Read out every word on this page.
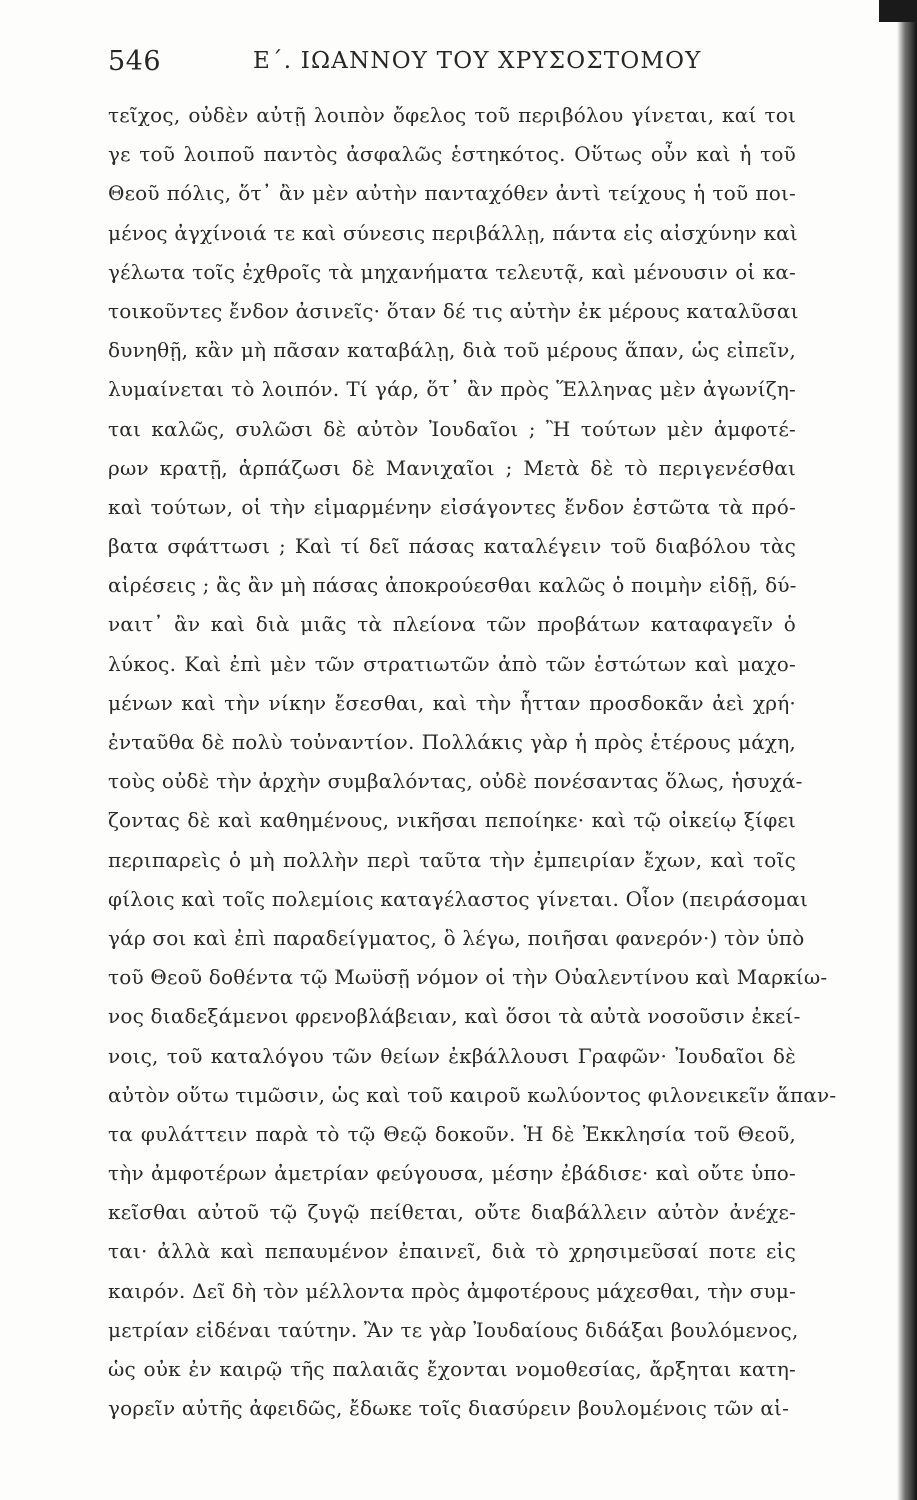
546	Ε΄. ΙΩΑΝΝΟΥ ΤΟΥ ΧΡΥΣΟΣΤΟΜΟΥ
τεῖχος, οὐδὲν αὐτῇ λοιπὸν ὄφελος τοῦ περιβόλου γίνεται, καί τοι
γε τοῦ λοιποῦ παντὸς ἀσφαλῶς ἑστηκότος. Οὕτως οὖν καὶ ἡ τοῦ
Θεοῦ πόλις, ὅτ᾽ ἂν μὲν αὐτὴν πανταχόθεν ἀντὶ τείχους ἡ τοῦ ποι-
μένος ἀγχίνοιά τε καὶ σύνεσις περιβάλλῃ, πάντα εἰς αἰσχύνην καὶ
γέλωτα τοῖς ἐχθροῖς τὰ μηχανήματα τελευτᾷ, καὶ μένουσιν οἱ κα-
τοικοῦντες ἔνδον ἀσινεῖς· ὅταν δέ τις αὐτὴν ἐκ μέρους καταλῦσαι
δυνηθῇ, κἂν μὴ πᾶσαν καταβάλῃ, διὰ τοῦ μέρους ἅπαν, ὡς εἰπεῖν,
λυμαίνεται τὸ λοιπόν. Τί γάρ, ὅτ᾽ ἂν πρὸς Ἕλληνας μὲν ἀγωνίζη-
ται καλῶς, συλῶσι δὲ αὐτὸν Ἰουδαῖοι ; Ἢ τούτων μὲν ἀμφοτέ-
ρων κρατῇ, ἁρπάζωσι δὲ Μανιχαῖοι ; Μετὰ δὲ τὸ περιγενέσθαι
καὶ τούτων, οἱ τὴν εἱμαρμένην εἰσάγοντες ἔνδον ἑστῶτα τὰ πρό-
βατα σφάττωσι ; Καὶ τί δεῖ πάσας καταλέγειν τοῦ διαβόλου τὰς
αἱρέσεις ; ἃς ἂν μὴ πάσας ἀποκρούεσθαι καλῶς ὁ ποιμὴν εἰδῇ, δύ-
ναιτ᾽ ἂν καὶ διὰ μιᾶς τὰ πλείονα τῶν προβάτων καταφαγεῖν ὁ
λύκος. Καὶ ἐπὶ μὲν τῶν στρατιωτῶν ἀπὸ τῶν ἑστώτων καὶ μαχο-
μένων καὶ τὴν νίκην ἔσεσθαι, καὶ τὴν ἧτταν προσδοκᾶν ἀεὶ χρή·
ἐνταῦθα δὲ πολὺ τοὐναντίον. Πολλάκις γὰρ ἡ πρὸς ἑτέρους μάχη,
τοὺς οὐδὲ τὴν ἀρχὴν συμβαλόντας, οὐδὲ πονέσαντας ὅλως, ἡσυχά-
ζοντας δὲ καὶ καθημένους, νικῆσαι πεποίηκε· καὶ τῷ οἰκείῳ ξίφει
περιπαρεὶς ὁ μὴ πολλὴν περὶ ταῦτα τὴν ἐμπειρίαν ἔχων, καὶ τοῖς
φίλοις καὶ τοῖς πολεμίοις καταγέλαστος γίνεται. Οἷον (πειράσομαι
γάρ σοι καὶ ἐπὶ παραδείγματος, ὃ λέγω, ποιῆσαι φανερόν·) τὸν ὑπὸ
τοῦ Θεοῦ δοθέντα τῷ Μωϋσῇ νόμον οἱ τὴν Οὐαλεντίνου καὶ Μαρκίω-
νος διαδεξάμενοι φρενοβλάβειαν, καὶ ὅσοι τὰ αὐτὰ νοσοῦσιν ἐκεί-
νοις, τοῦ καταλόγου τῶν θείων ἐκβάλλουσι Γραφῶν· Ἰουδαῖοι δὲ
αὐτὸν οὕτω τιμῶσιν, ὡς καὶ τοῦ καιροῦ κωλύοντος φιλονεικεῖν ἅπαν-
τα φυλάττειν παρὰ τὸ τῷ Θεῷ δοκοῦν. Ἡ δὲ Ἐκκλησία τοῦ Θεοῦ,
τὴν ἀμφοτέρων ἀμετρίαν φεύγουσα, μέσην ἐβάδισε· καὶ οὔτε ὑπο-
κεῖσθαι αὐτοῦ τῷ ζυγῷ πείθεται, οὔτε διαβάλλειν αὐτὸν ἀνέχε-
ται· ἀλλὰ καὶ πεπαυμένον ἐπαινεῖ, διὰ τὸ χρησιμεῦσαί ποτε εἰς
καιρόν. Δεῖ δὴ τὸν μέλλοντα πρὸς ἀμφοτέρους μάχεσθαι, τὴν συμ-
μετρίαν εἰδέναι ταύτην. Ἂν τε γὰρ Ἰουδαίους διδάξαι βουλόμενος,
ὡς οὐκ ἐν καιρῷ τῆς παλαιᾶς ἔχονται νομοθεσίας, ἄρξηται κατη-
γορεῖν αὐτῆς ἀφειδῶς, ἔδωκε τοῖς διασύρειν βουλομένοις τῶν αἱ-
